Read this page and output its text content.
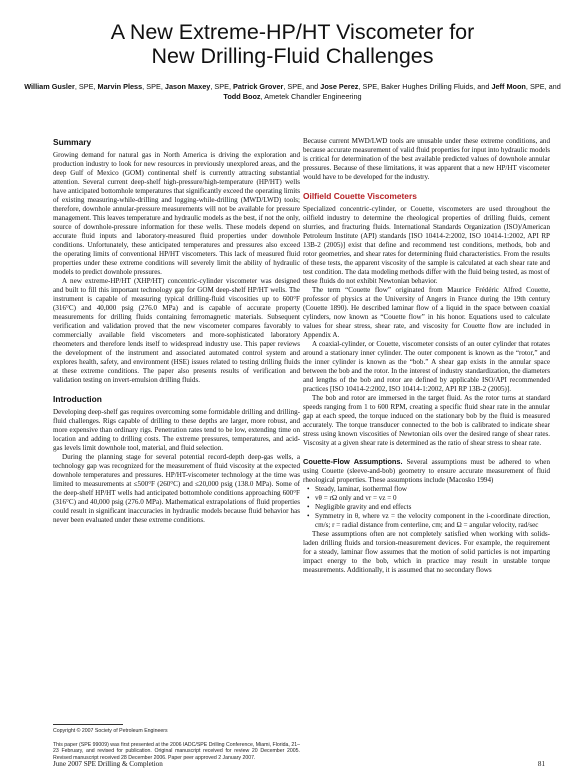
A New Extreme-HP/HT Viscometer for
New Drilling-Fluid Challenges
William Gusler, SPE, Marvin Pless, SPE, Jason Maxey, SPE, Patrick Grover, SPE, and Jose Perez, SPE, Baker Hughes Drilling Fluids, and Jeff Moon, SPE, and Todd Booz, Ametek Chandler Engineering
Summary

Growing demand for natural gas in North America is driving the exploration and production industry to look for new resources in previously unexplored areas, and the deep Gulf of Mexico (GOM) continental shelf is currently attracting substantial attention. Several current deep-shelf high-pressure/high-temperature (HP/HT) wells have anticipated bottomhole temperatures that significantly exceed the operating limits of existing measuring-while-drilling and logging-while-drilling (MWD/LWD) tools; therefore, downhole annular-pressure measurements will not be available for pressure management. This leaves temperature and hydraulic models as the best, if not the only, source of downhole-pressure information for these wells. These models depend on accurate fluid inputs and laboratory-measured fluid properties under downhole conditions. Unfortunately, these anticipated temperatures and pressures also exceed the operating limits of conventional HP/HT viscometers. This lack of measured fluid properties under these extreme conditions will severely limit the ability of hydraulic models to predict downhole pressures.

A new extreme-HP/HT (XHP/HT) concentric-cylinder viscometer was designed and built to fill this important technology gap for GOM deep-shelf HP/HT wells. The instrument is capable of measuring typical drilling-fluid viscosities up to 600°F (316°C) and 40,000 psig (276.0 MPa) and is capable of accurate property measurements for drilling fluids containing ferromagnetic materials. Subsequent verification and validation proved that the new viscometer compares favorably to commercially available field viscometers and more-sophisticated laboratory rheometers and therefore lends itself to widespread industry use. This paper reviews the development of the instrument and associated automated control system and explores health, safety, and environment (HSE) issues related to testing drilling fluids at these extreme conditions. The paper also presents results of verification and validation testing on invert-emulsion drilling fluids.

Introduction

Developing deep-shelf gas requires overcoming some formidable drilling and drilling-fluid challenges. Rigs capable of drilling to these depths are larger, more robust, and more expensive than ordinary rigs. Penetration rates tend to be low, extending time on location and adding to drilling costs. The extreme pressures, temperatures, and acid-gas levels limit downhole tool, material, and fluid selection.

During the planning stage for several potential record-depth deep-gas wells, a technology gap was recognized for the measurement of fluid viscosity at the expected downhole temperatures and pressures. HP/HT-viscometer technology at the time was limited to measurements at ≤500°F (260°C) and ≤20,000 psig (138.0 MPa). Some of the deep-shelf HP/HT wells had anticipated bottomhole conditions approaching 600°F (316°C) and 40,000 psig (276.0 MPa). Mathematical extrapolations of fluid properties could result in significant inaccuracies in hydraulic models because fluid behavior has never been evaluated under these extreme conditions.

Copyright © 2007 Society of Petroleum Engineers
This paper (SPE 99009) was first presented at the 2006 IADC/SPE Drilling Conference, Miami, Florida, 21–23 February, and revised for publication. Original manuscript received for review 20 December 2005. Revised manuscript received 28 December 2006. Paper peer approved 2 January 2007.

Because current MWD/LWD tools are unusable under these extreme conditions, and because accurate measurement of valid fluid properties for input into hydraulic models is critical for determination of the best available predicted values of downhole annular pressures. Because of these limitations, it was apparent that a new HP/HT viscometer would have to be developed for the industry.

Oilfield Couette Viscometers

Specialized concentric-cylinder, or Couette, viscometers are used throughout the oilfield industry to determine the rheological properties of drilling fluids, cement slurries, and fracturing fluids. International Standards Organization (ISO)/American Petroleum Institute (API) standards [ISO 10414-2:2002, ISO 10414-1:2002, API RP 13B-2 (2005)] exist that define and recommend test conditions, methods, bob and rotor geometries, and shear rates for determining fluid characteristics. From the results of these tests, the apparent viscosity of the sample is calculated at each shear rate and test condition. The data modeling methods differ with the fluid being tested, as most of these fluids do not exhibit Newtonian behavior.

The term “Couette flow” originated from Maurice Frédéric Alfred Couette, professor of physics at the University of Angers in France during the 19th century (Couette 1890). He described laminar flow of a liquid in the space between coaxial cylinders, now known as “Couette flow” in his honor. Equations used to calculate values for shear stress, shear rate, and viscosity for Couette flow are included in Appendix A.

A coaxial-cylinder, or Couette, viscometer consists of an outer cylinder that rotates around a stationary inner cylinder. The outer component is known as the “rotor,” and the inner cylinder is known as the “bob.” A shear gap exists in the annular space between the bob and the rotor. In the interest of industry standardization, the diameters and lengths of the bob and rotor are defined by applicable ISO/API recommended practices [ISO 10414-2:2002, ISO 10414-1:2002, API RP 13B-2 (2005)].

The bob and rotor are immersed in the target fluid. As the rotor turns at standard speeds ranging from 1 to 600 RPM, creating a specific fluid shear rate in the annular gap at each speed, the torque induced on the stationary bob by the fluid is measured accurately. The torque transducer connected to the bob is calibrated to indicate shear stress using known viscosities of Newtonian oils over the desired range of shear rates. Viscosity at a given shear rate is determined as the ratio of shear stress to shear rate.

Couette-Flow Assumptions. Several assumptions must be adhered to when using Couette (sleeve-and-bob) geometry to ensure accurate measurement of fluid rheological properties. These assumptions include (Macosko 1994)

• Steady, laminar, isothermal flow
• vθ = rΩ only and vr = vz = 0
• Negligible gravity and end effects
• Symmetry in θ, where vz = the velocity component in the i-coordinate direction, cm/s; r = radial distance from centerline, cm; and Ω = angular velocity, rad/sec

These assumptions often are not completely satisfied when working with solids-laden drilling fluids and torsion-measurement devices. For example, the requirement for a steady, laminar flow assumes that the motion of solid particles is not imparting impact energy to the bob, which in practice may result in unstable torque measurements. Additionally, it is assumed that no secondary flows

June 2007 SPE Drilling & Completion	81
